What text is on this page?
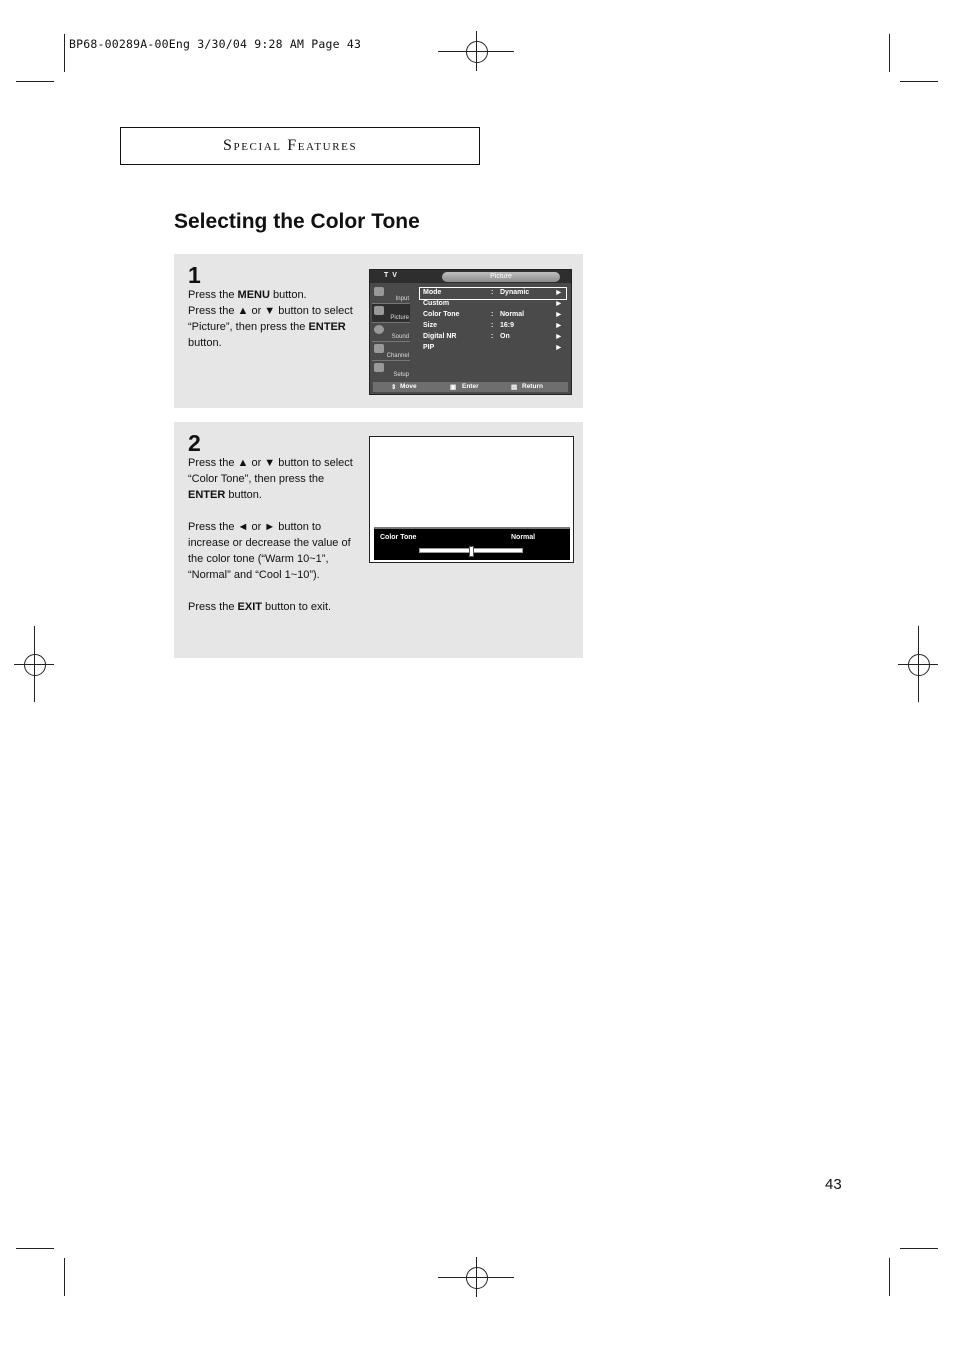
BP68-00289A-00Eng 3/30/04 9:28 AM Page 43
Special Features
Selecting the Color Tone
1
Press the MENU button.
Press the ▲ or ▼ button to select “Picture”, then press the ENTER button.
T V	Picture
Input
Picture
Sound
Channel
Setup
Mode	: Dynamic	▶
Custom	▶
Color Tone	: Normal	▶
Size	: 16:9	▶
Digital NR	: On	▶
PIP	▶
⇕ Move	▣ Enter	▤ Return
2

Press the ▲ or ▼ button to select “Color Tone”, then press the ENTER button.

Press the ◄ or ► button to increase or decrease the value of the color tone (“Warm 10~1”, “Normal” and “Cool 1~10”).

Press the EXIT button to exit.

Color Tone	Normal
43
